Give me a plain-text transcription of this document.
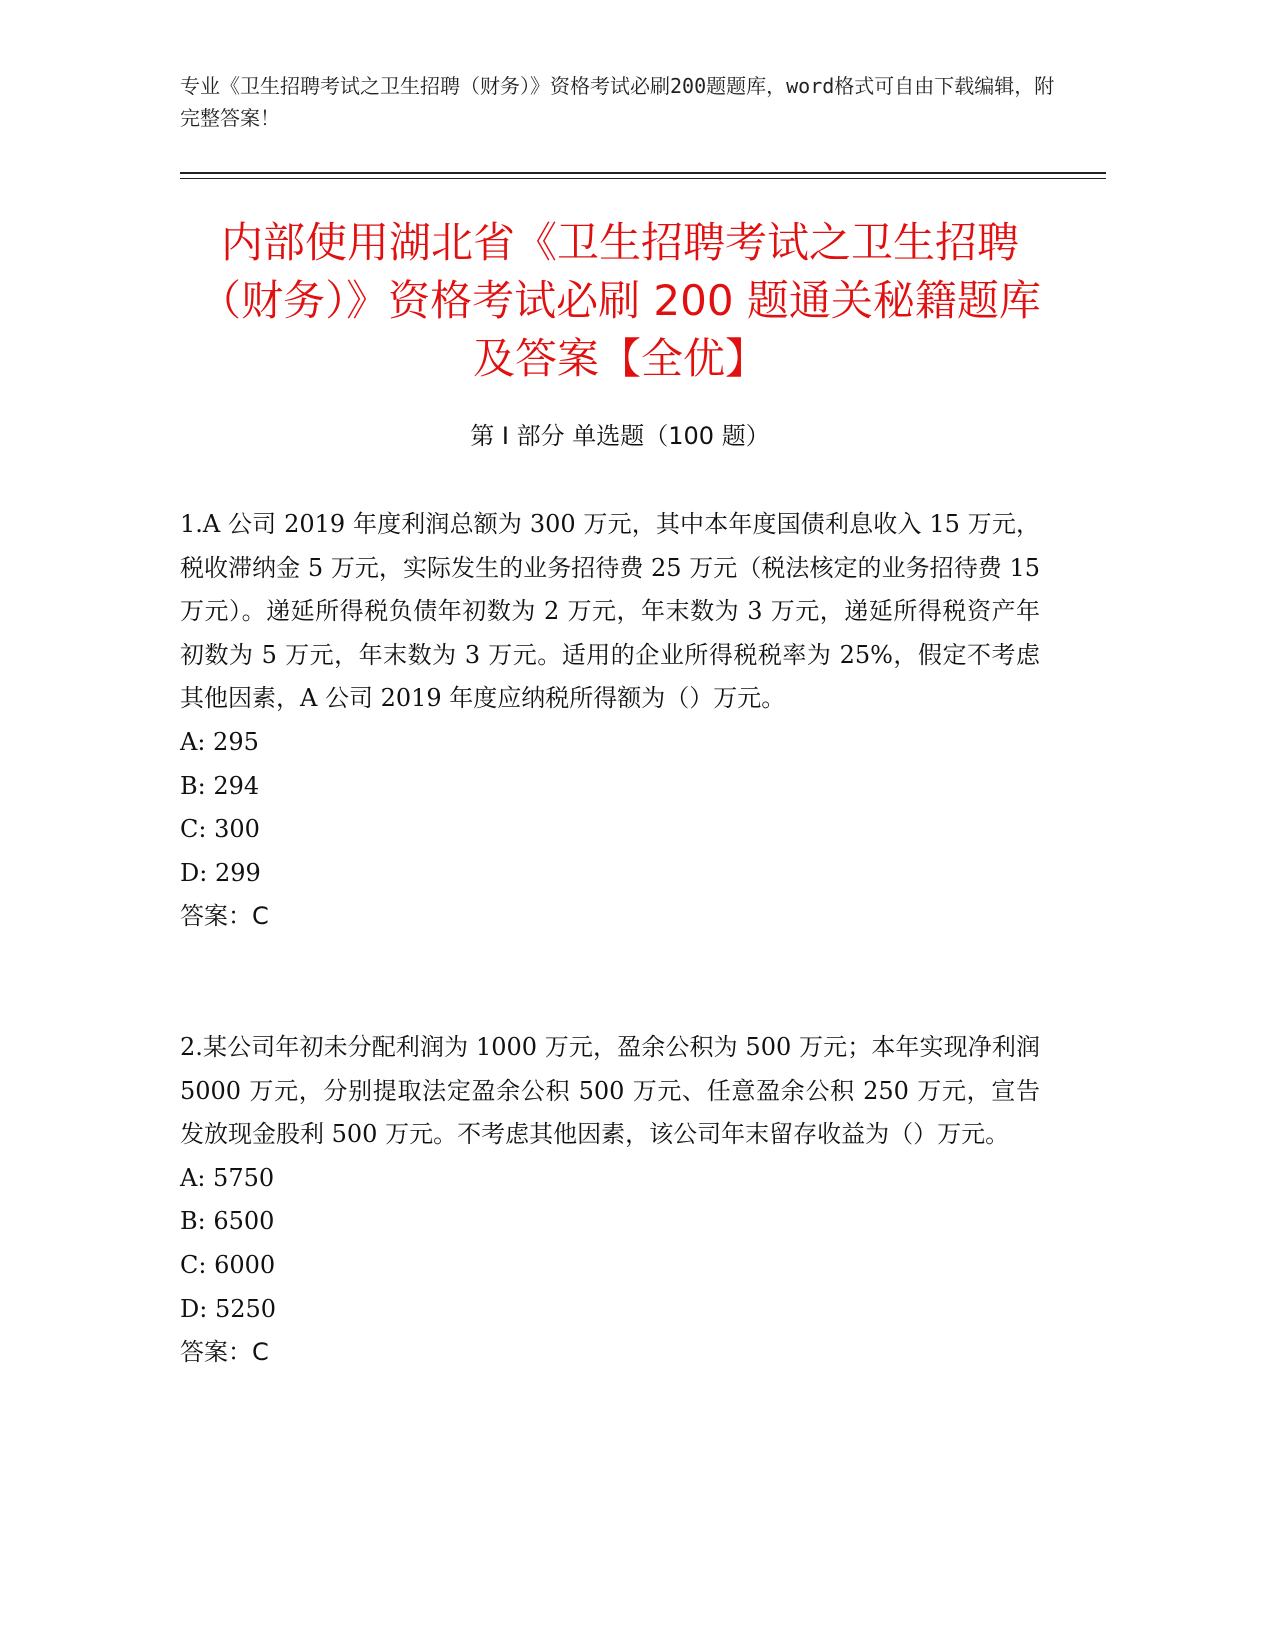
专业《卫生招聘考试之卫生招聘（财务）》资格考试必刷200题题库，word格式可自由下载编辑，附完整答案！
内部使用湖北省《卫生招聘考试之卫生招聘（财务）》资格考试必刷 200 题通关秘籍题库及答案【全优】
第 I 部分 单选题（100 题）
1.A 公司 2019 年度利润总额为 300 万元，其中本年度国债利息收入 15 万元，税收滞纳金 5 万元，实际发生的业务招待费 25 万元（税法核定的业务招待费 15 万元）。递延所得税负债年初数为 2 万元，年末数为 3 万元，递延所得税资产年初数为 5 万元，年末数为 3 万元。适用的企业所得税税率为 25%，假定不考虑其他因素，A 公司 2019 年度应纳税所得额为（）万元。
A: 295
B: 294
C: 300
D: 299
答案：C
2.某公司年初未分配利润为 1000 万元，盈余公积为 500 万元；本年实现净利润 5000 万元，分别提取法定盈余公积 500 万元、任意盈余公积 250 万元，宣告发放现金股利 500 万元。不考虑其他因素，该公司年末留存收益为（）万元。
A: 5750
B: 6500
C: 6000
D: 5250
答案：C
